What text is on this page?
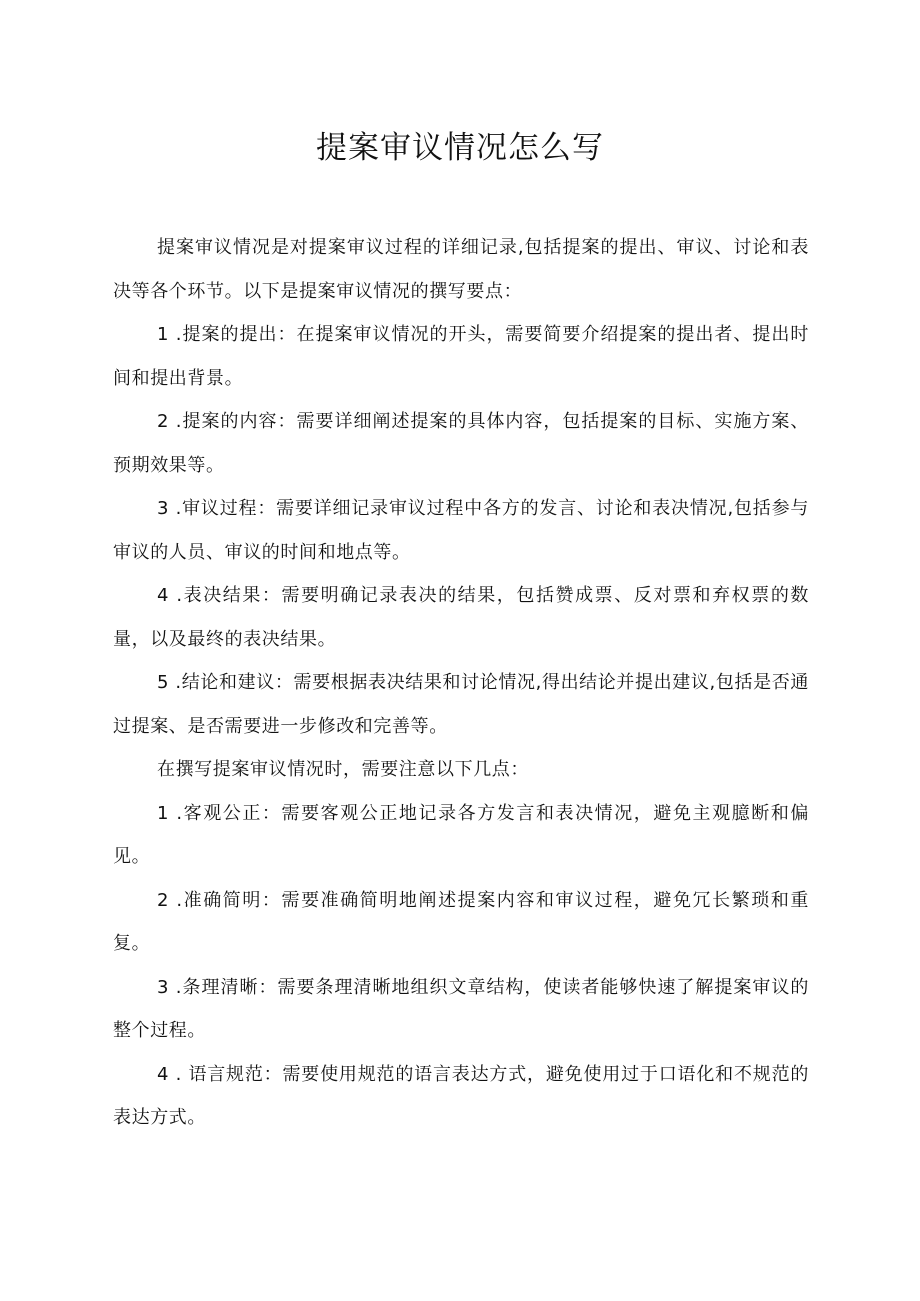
提案审议情况怎么写

提案审议情况是对提案审议过程的详细记录,包括提案的提出、审议、讨论和表决等各个环节。以下是提案审议情况的撰写要点：

1 .提案的提出：在提案审议情况的开头，需要简要介绍提案的提出者、提出时间和提出背景。

2 .提案的内容：需要详细阐述提案的具体内容，包括提案的目标、实施方案、预期效果等。

3 .审议过程：需要详细记录审议过程中各方的发言、讨论和表决情况,包括参与审议的人员、审议的时间和地点等。

4 .表决结果：需要明确记录表决的结果，包括赞成票、反对票和弃权票的数量，以及最终的表决结果。

5 .结论和建议：需要根据表决结果和讨论情况,得出结论并提出建议,包括是否通过提案、是否需要进一步修改和完善等。

在撰写提案审议情况时，需要注意以下几点：

1 .客观公正：需要客观公正地记录各方发言和表决情况，避免主观臆断和偏见。

2 .准确简明：需要准确简明地阐述提案内容和审议过程，避免冗长繁琐和重复。

3 .条理清晰：需要条理清晰地组织文章结构，使读者能够快速了解提案审议的整个过程。

4 . 语言规范：需要使用规范的语言表达方式，避免使用过于口语化和不规范的表达方式。
